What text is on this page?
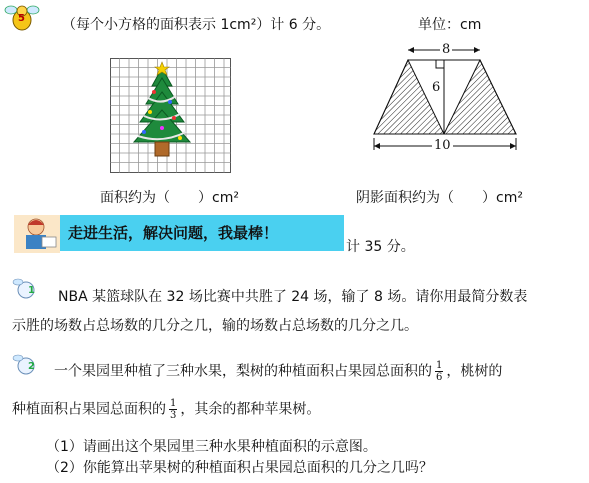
5	（每个小方格的面积表示 1cm²）计 6 分。	单位：cm
8
6
10
面积约为（　　）cm²	阴影面积约为（　　）cm²
走进生活，解决问题，我最棒！
计 35 分。
1 NBA 某篮球队在 32 场比赛中共胜了 24 场，输了 8 场。请你用最简分数表
示胜的场数占总场数的几分之几，输的场数占总场数的几分之几。
2 一个果园里种植了三种水果，梨树的种植面积占果园总面积的 $\frac{1}{6}$ ，桃树的
种植面积占果园总面积的 $\frac{1}{3}$ ，其余的都种苹果树。
（1）请画出这个果园里三种水果种植面积的示意图。
（2）你能算出苹果树的种植面积占果园总面积的几分之几吗？
